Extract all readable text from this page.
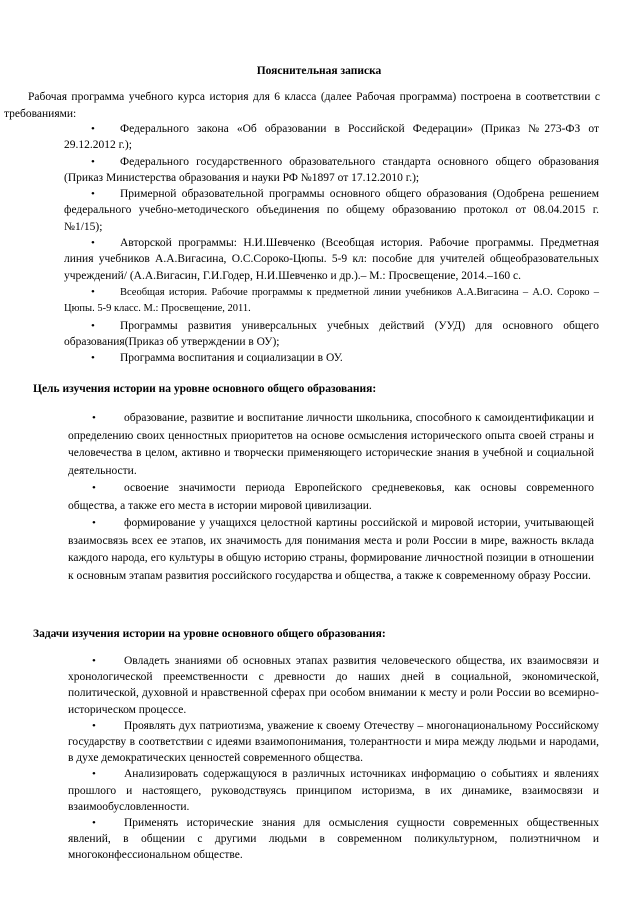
Пояснительная записка

Рабочая программа учебного курса история для 6 класса (далее Рабочая программа) построена в соответствии с требованиями:

• Федерального закона «Об образовании в Российской Федерации» (Приказ №273-ФЗ от 29.12.2012 г.);
• Федерального государственного образовательного стандарта основного общего образования (Приказ Министерства образования и науки РФ №1897 от 17.12.2010 г.);
• Примерной образовательной программы основного общего образования (Одобрена решением федерального учебно-методического объединения по общему образованию протокол от 08.04.2015 г. №1/15);
• Авторской программы: Н.И.Шевченко (Всеобщая история. Рабочие программы. Предметная линия учебников А.А.Вигасина, О.С.Сороко-Цюпы. 5-9 кл: пособие для учителей общеобразовательных учреждений/ (А.А.Вигасин, Г.И.Годер, Н.И.Шевченко и др.).– М.: Просвещение, 2014.–160 с.
• Всеобщая история. Рабочие программы к предметной линии учебников А.А.Вигасина – А.О. Сороко – Цюпы. 5-9 класс. М.: Просвещение, 2011.
• Программы развития универсальных учебных действий (УУД) для основного общего образования(Приказ об утверждении в ОУ);
• Программа воспитания и социализации в ОУ.
Цель изучения истории на уровне основного общего образования:
• образование, развитие и воспитание личности школьника, способного к самоидентификации и определению своих ценностных приоритетов на основе осмысления исторического опыта своей страны и человечества в целом, активно и творчески применяющего исторические знания в учебной и социальной деятельности.
• освоение значимости периода Европейского средневековья, как основы современного общества, а также его места в истории мировой цивилизации.
• формирование у учащихся целостной картины российской и мировой истории, учитывающей взаимосвязь всех ее этапов, их значимость для понимания места и роли России в мире, важность вклада каждого народа, его культуры в общую историю страны, формирование личностной позиции в отношении к основным этапам развития российского государства и общества, а также к современному образу России.
Задачи изучения истории на уровне основного общего образования:
• Овладеть знаниями об основных этапах развития человеческого общества, их взаимосвязи и хронологической преемственности с древности до наших дней в социальной, экономической, политической, духовной и нравственной сферах при особом внимании к месту и роли России во всемирно-историческом процессе.
• Проявлять дух патриотизма, уважение к своему Отечеству – многонациональному Российскому государству в соответствии с идеями взаимопонимания, толерантности и мира между людьми и народами, в духе демократических ценностей современного общества.
• Анализировать содержащуюся в различных источниках информацию о событиях и явлениях прошлого и настоящего, руководствуясь принципом историзма, в их динамике, взаимосвязи и взаимообусловленности.
• Применять исторические знания для осмысления сущности современных общественных явлений, в общении с другими людьми в современном поликультурном, полиэтничном и многоконфессиональном обществе.
